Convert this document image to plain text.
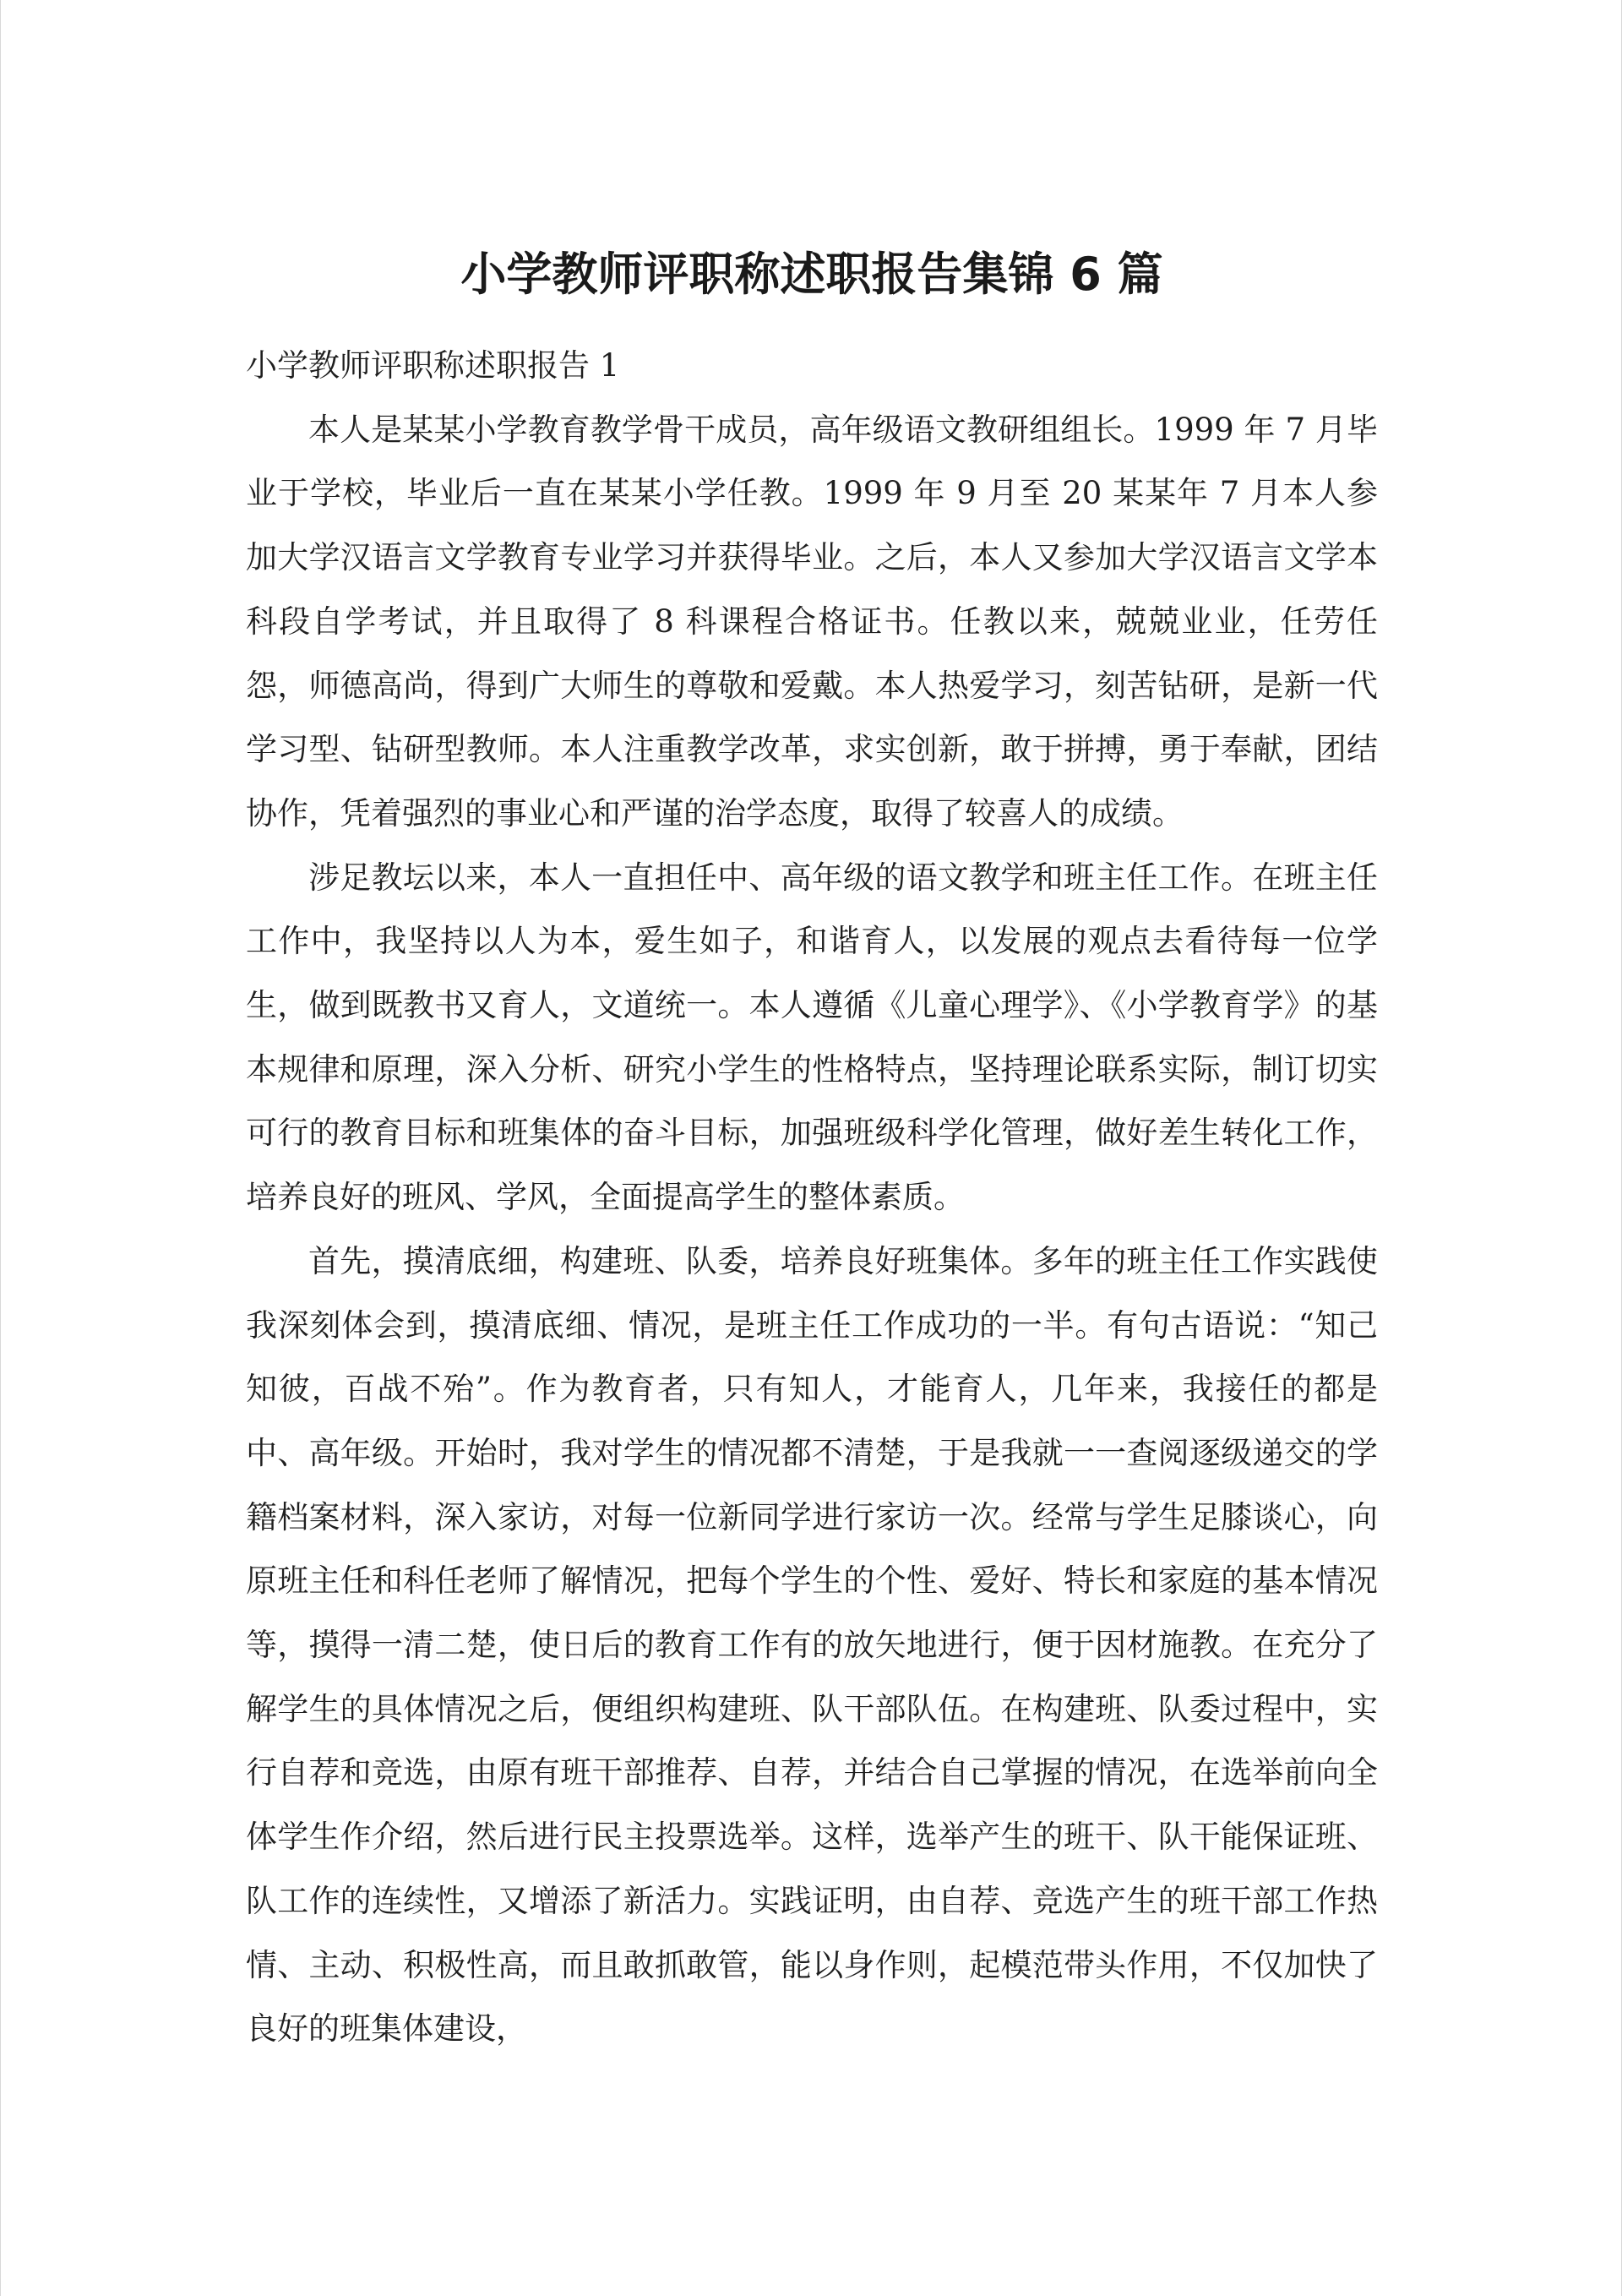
小学教师评职称述职报告集锦 6 篇

小学教师评职称述职报告 1

本人是某某小学教育教学骨干成员，高年级语文教研组组长。1999 年 7 月毕业于学校，毕业后一直在某某小学任教。1999 年 9 月至 20 某某年 7 月本人参加大学汉语言文学教育专业学习并获得毕业。之后，本人又参加大学汉语言文学本科段自学考试，并且取得了 8 科课程合格证书。任教以来，兢兢业业，任劳任怨，师德高尚，得到广大师生的尊敬和爱戴。本人热爱学习，刻苦钻研，是新一代学习型、钻研型教师。本人注重教学改革，求实创新，敢于拼搏，勇于奉献，团结协作，凭着强烈的事业心和严谨的治学态度，取得了较喜人的成绩。

涉足教坛以来，本人一直担任中、高年级的语文教学和班主任工作。在班主任工作中，我坚持以人为本，爱生如子，和谐育人，以发展的观点去看待每一位学生，做到既教书又育人，文道统一。本人遵循《儿童心理学》、《小学教育学》的基本规律和原理，深入分析、研究小学生的性格特点，坚持理论联系实际，制订切实可行的教育目标和班集体的奋斗目标，加强班级科学化管理，做好差生转化工作，培养良好的班风、学风，全面提高学生的整体素质。

首先，摸清底细，构建班、队委，培养良好班集体。多年的班主任工作实践使我深刻体会到，摸清底细、情况，是班主任工作成功的一半。有句古语说：“知己知彼，百战不殆”。作为教育者，只有知人，才能育人，几年来，我接任的都是中、高年级。开始时，我对学生的情况都不清楚，于是我就一一查阅逐级递交的学籍档案材料，深入家访，对每一位新同学进行家访一次。经常与学生足膝谈心，向原班主任和科任老师了解情况，把每个学生的个性、爱好、特长和家庭的基本情况等，摸得一清二楚，使日后的教育工作有的放矢地进行，便于因材施教。在充分了解学生的具体情况之后，便组织构建班、队干部队伍。在构建班、队委过程中，实行自荐和竞选，由原有班干部推荐、自荐，并结合自己掌握的情况，在选举前向全体学生作介绍，然后进行民主投票选举。这样，选举产生的班干、队干能保证班、队工作的连续性，又增添了新活力。实践证明，由自荐、竞选产生的班干部工作热情、主动、积极性高，而且敢抓敢管，能以身作则，起模范带头作用，不仅加快了良好的班集体建设，
